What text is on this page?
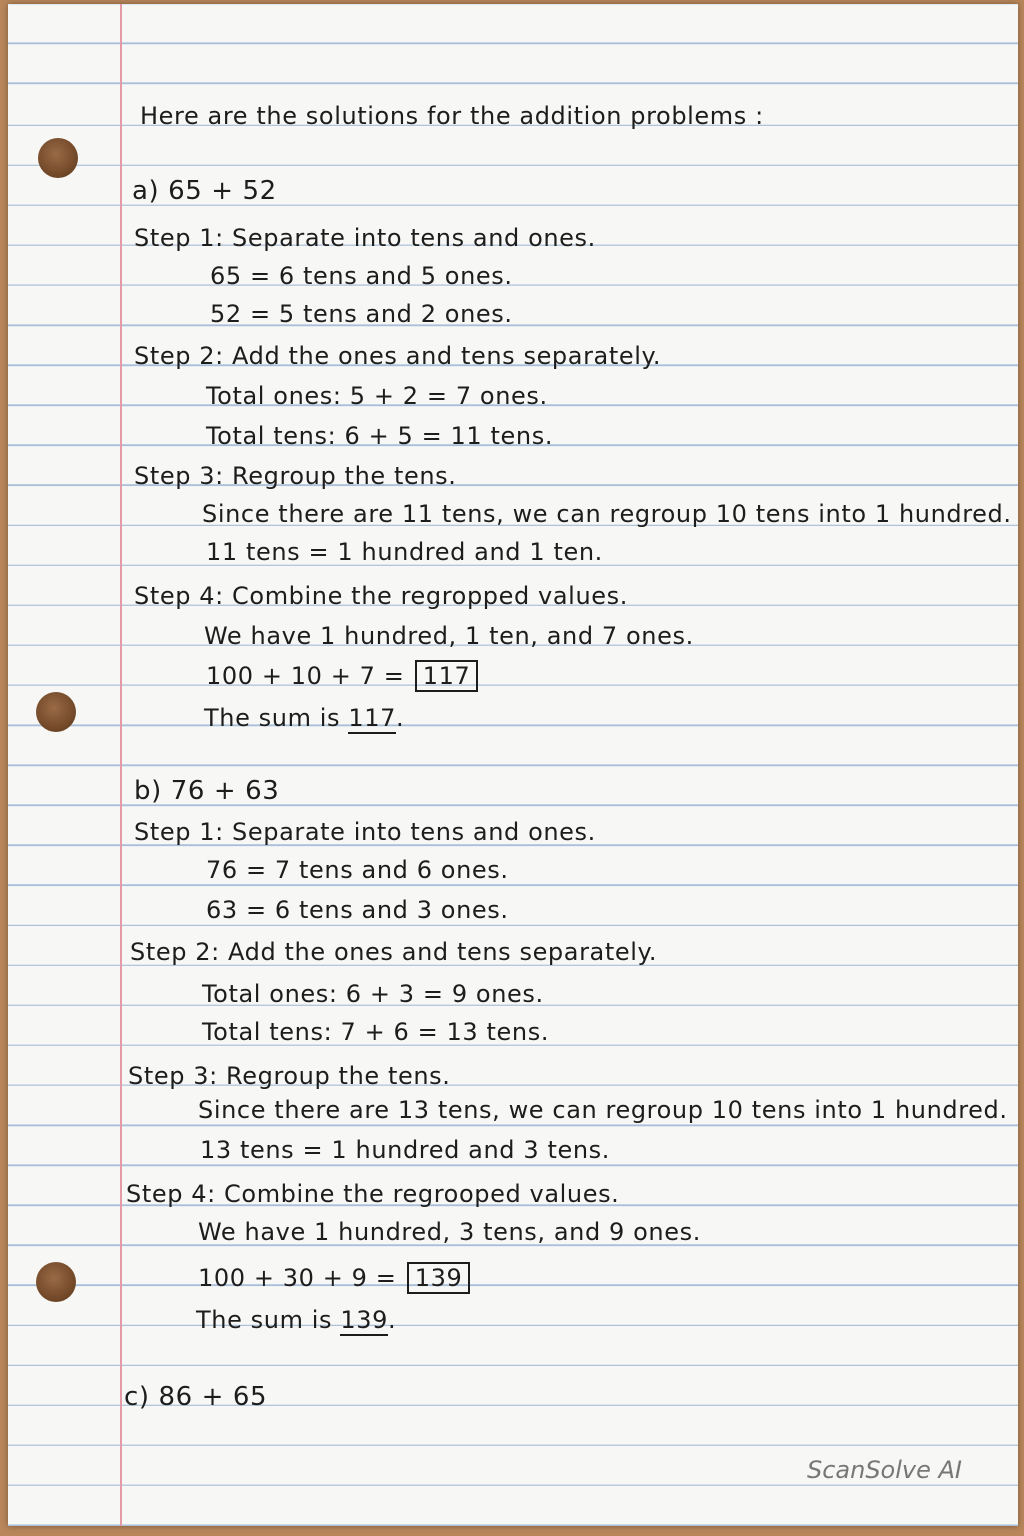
Here are the solutions for the addition problems :
a) 65 + 52
Step 1: Separate into tens and ones.
65 = 6 tens and 5 ones.
52 = 5 tens and 2 ones.
Step 2: Add the ones and tens separately.
Total ones: 5 + 2 = 7 ones.
Total tens: 6 + 5 = 11 tens.
Step 3: Regroup the tens.
Since there are 11 tens, we can regroup 10 tens into 1 hundred.
11 tens = 1 hundred and 1 ten.
Step 4: Combine the regropped values.
We have 1 hundred, 1 ten, and 7 ones.
100 + 10 + 7 = 117
The sum is 117.
b) 76 + 63
Step 1: Separate into tens and ones.
76 = 7 tens and 6 ones.
63 = 6 tens and 3 ones.
Step 2: Add the ones and tens separately.
Total ones: 6 + 3 = 9 ones.
Total tens: 7 + 6 = 13 tens.
Step 3: Regroup the tens.
Since there are 13 tens, we can regroup 10 tens into 1 hundred.
13 tens = 1 hundred and 3 tens.
Step 4: Combine the regrooped values.
We have 1 hundred, 3 tens, and 9 ones.
100 + 30 + 9 = 139
The sum is 139.
c) 86 + 65
ScanSolve AI
